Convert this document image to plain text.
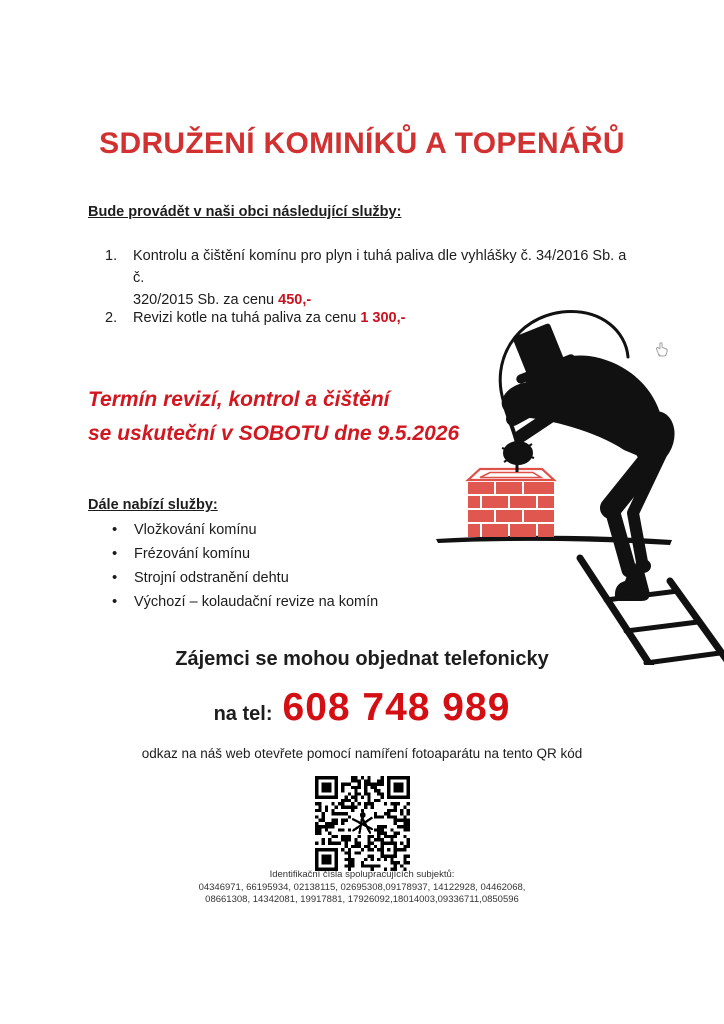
SDRUŽENÍ KOMINÍKŮ A TOPENÁŘŮ
Bude provádět v naši obci následující služby:
1.	Kontrolu a čištění komínu pro plyn i tuhá paliva dle vyhlášky č. 34/2016 Sb. a č.
320/2015 Sb. za cenu 450,-
2.	Revizi kotle na tuhá paliva za cenu 1 300,-
Termín revizí, kontrol a čištění
se uskuteční v SOBOTU dne 9.5.2026
Dále nabízí služby:
• Vložkování komínu
• Frézování komínu
• Strojní odstranění dehtu
• Výchozí – kolaudační revize na komín
Zájemci se mohou objednat telefonicky
na tel: 608 748 989
odkaz na náš web otevřete pomocí namíření fotoaparátu na tento QR kód
Identifikační čísla spolupracujících subjektů:
04346971, 66195934, 02138115, 02695308,09178937, 14122928, 04462068,
08661308, 14342081, 19917881, 17926092,18014003,09336711,0850596
